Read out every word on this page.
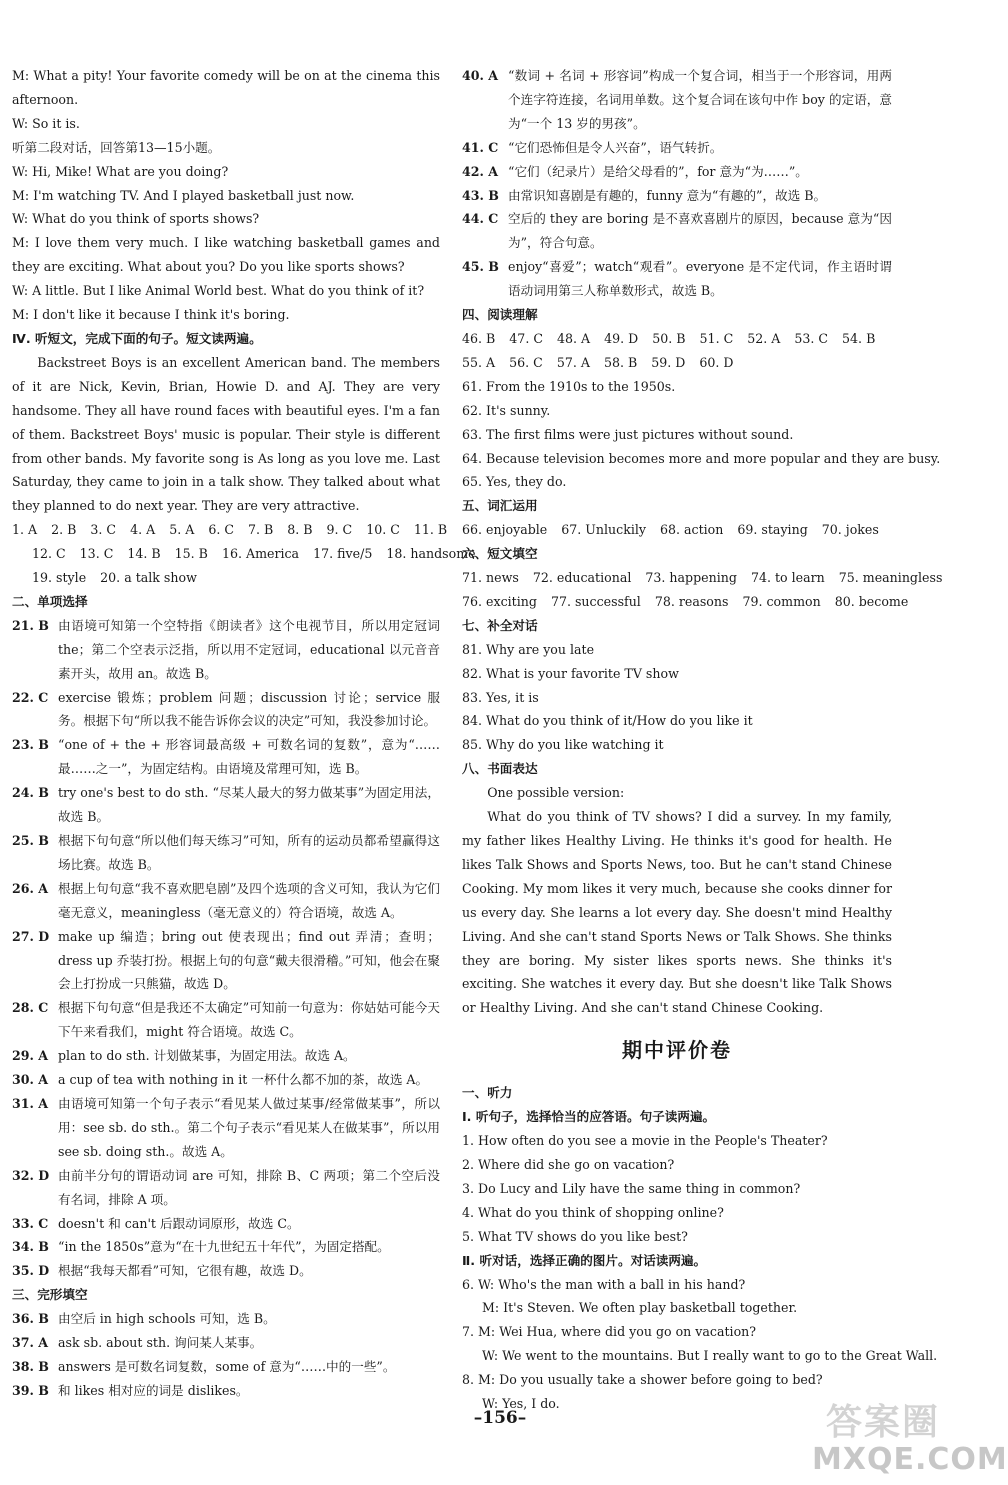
M: What a pity! Your favorite comedy will be on at the cinema this afternoon.
W: So it is.
听第二段对话，回答第13—15小题。
W: Hi, Mike! What are you doing?
M: I'm watching TV. And I played basketball just now.
W: What do you think of sports shows?
M: I love them very much. I like watching basketball games and they are exciting. What about you? Do you like sports shows?
W: A little. But I like Animal World best. What do you think of it?
M: I don't like it because I think it's boring.
Ⅳ. 听短文，完成下面的句子。短文读两遍。
Backstreet Boys is an excellent American band. The members of it are Nick, Kevin, Brian, Howie D. and AJ. They are very handsome. They all have round faces with beautiful eyes. I'm a fan of them. Backstreet Boys' music is popular. Their style is different from other bands. My favorite song is As long as you love me. Last Saturday, they came to join in a talk show. They talked about what they planned to do next year. They are very attractive.
1. A 2. B 3. C 4. A 5. A 6. C 7. B 8. B 9. C 10. C 11. B
12. C 13. C 14. B 15. B 16. America 17. five/5 18. handsome
19. style 20. a talk show
二、单项选择
21. B 由语境可知第一个空特指《朗读者》这个电视节目，所以用定冠词 the；第二个空表示泛指，所以用不定冠词，educational 以元音音素开头，故用 an。故选 B。
22. C exercise 锻炼；problem 问题；discussion 讨论；service 服务。根据下句“所以我不能告诉你会议的决定”可知，我没参加讨论。
23. B “one of + the + 形容词最高级 + 可数名词的复数”，意为“……最……之一”，为固定结构。由语境及常理可知，选 B。
24. B try one's best to do sth. “尽某人最大的努力做某事”为固定用法，故选 B。
25. B 根据下句句意“所以他们每天练习”可知，所有的运动员都希望赢得这场比赛。故选 B。
26. A 根据上句句意“我不喜欢肥皂剧”及四个选项的含义可知，我认为它们毫无意义，meaningless（毫无意义的）符合语境，故选 A。
27. D make up 编造；bring out 使表现出；find out 弄清；查明；dress up 乔装打扮。根据上句的句意“戴夫很滑稽。”可知，他会在聚会上打扮成一只熊猫，故选 D。
28. C 根据下句句意“但是我还不太确定”可知前一句意为：你姑姑可能今天下午来看我们，might 符合语境。故选 C。
29. A plan to do sth. 计划做某事，为固定用法。故选 A。
30. A a cup of tea with nothing in it 一杯什么都不加的茶，故选 A。
31. A 由语境可知第一个句子表示“看见某人做过某事/经常做某事”，所以用：see sb. do sth.。第二个句子表示“看见某人在做某事”，所以用 see sb. doing sth.。故选 A。
32. D 由前半分句的谓语动词 are 可知，排除 B、C 两项；第二个空后没有名词，排除 A 项。
33. C doesn't 和 can't 后跟动词原形，故选 C。
34. B “in the 1850s”意为“在十九世纪五十年代”，为固定搭配。
35. D 根据“我每天都看”可知，它很有趣，故选 D。
三、完形填空
36. B 由空后 in high schools 可知，选 B。
37. A ask sb. about sth. 询问某人某事。
38. B answers 是可数名词复数，some of 意为“……中的一些”。
39. B 和 likes 相对应的词是 dislikes。
40. A “数词 + 名词 + 形容词”构成一个复合词，相当于一个形容词，用两个连字符连接，名词用单数。这个复合词在该句中作 boy 的定语，意为“一个 13 岁的男孩”。
41. C “它们恐怖但是令人兴奋”，语气转折。
42. A “它们（纪录片）是给父母看的”，for 意为“为……”。
43. B 由常识知喜剧是有趣的，funny 意为“有趣的”，故选 B。
44. C 空后的 they are boring 是不喜欢喜剧片的原因，because 意为“因为”，符合句意。
45. B enjoy“喜爱”；watch“观看”。everyone 是不定代词，作主语时谓语动词用第三人称单数形式，故选 B。
四、阅读理解
46. B 47. C 48. A 49. D 50. B 51. C 52. A 53. C 54. B
55. A 56. C 57. A 58. B 59. D 60. D
61. From the 1910s to the 1950s.
62. It's sunny.
63. The first films were just pictures without sound.
64. Because television becomes more and more popular and they are busy.
65. Yes, they do.
五、词汇运用
66. enjoyable 67. Unluckily 68. action 69. staying 70. jokes
六、短文填空
71. news 72. educational 73. happening 74. to learn 75. meaningless
76. exciting 77. successful 78. reasons 79. common 80. become
七、补全对话
81. Why are you late
82. What is your favorite TV show
83. Yes, it is
84. What do you think of it/How do you like it
85. Why do you like watching it
八、书面表达
One possible version:
What do you think of TV shows? I did a survey. In my family, my father likes Healthy Living. He thinks it's good for health. He likes Talk Shows and Sports News, too. But he can't stand Chinese Cooking. My mom likes it very much, because she cooks dinner for us every day. She learns a lot every day. She doesn't mind Healthy Living. And she can't stand Sports News or Talk Shows. She thinks they are boring. My sister likes sports news. She thinks it's exciting. She watches it every day. But she doesn't like Talk Shows or Healthy Living. And she can't stand Chinese Cooking.
期中评价卷
一、听力
Ⅰ. 听句子，选择恰当的应答语。句子读两遍。
1. How often do you see a movie in the People's Theater?
2. Where did she go on vacation?
3. Do Lucy and Lily have the same thing in common?
4. What do you think of shopping online?
5. What TV shows do you like best?
Ⅱ. 听对话，选择正确的图片。对话读两遍。
6. W: Who's the man with a ball in his hand?
M: It's Steven. We often play basketball together.
7. M: Wei Hua, where did you go on vacation?
W: We went to the mountains. But I really want to go to the Great Wall.
8. M: Do you usually take a shower before going to bed?
W: Yes, I do.
–156–	答案圈
MXQE.COM
